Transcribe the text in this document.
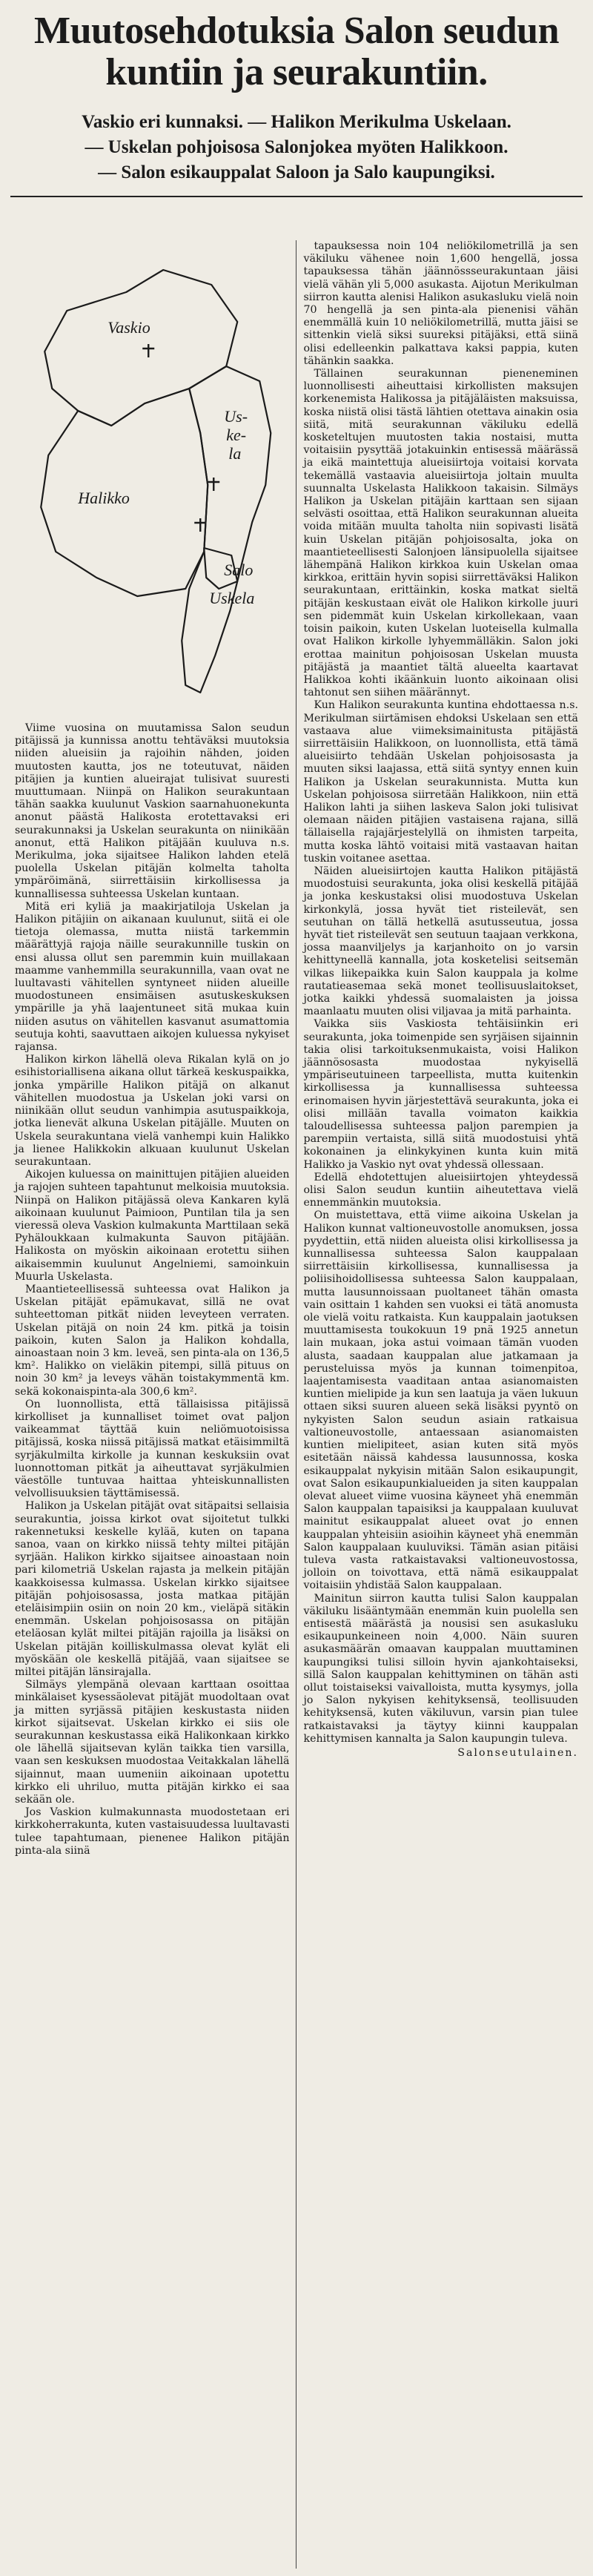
Muutosehdotuksia Salon seudun
kuntiin ja seurakuntiin.
Vaskio eri kunnaksi. — Halikon Merikulma Uskelaan.
— Uskelan pohjoisosa Salonjokea myöten Halikkoon.
— Salon esikauppalat Saloon ja Salo kaupungiksi.
Vaskio
Halikko
Us-
ke-
la
Salo
Uskela

Viime vuosina on muutamissa Salon seudun pitäjissä ja kunnissa anottu tehtäväksi muutoksia niiden alueisiin ja rajoihin nähden, joiden muutosten kautta, jos ne toteutuvat, näiden pitäjien ja kuntien alueirajat tulisivat suuresti muuttumaan. Niinpä on Halikon seurakuntaan tähän saakka kuulunut Vaskion saarnahuonekunta anonut päästä Halikosta erotettavaksi eri seurakunnaksi ja Uskelan seurakunta on niinikään anonut, että Halikon pitäjään kuuluva n.s. Merikulma, joka sijaitsee Halikon lahden etelä puolella Uskelan pitäjän kolmelta taholta ympäröimänä, siirrettäisiin kirkollisessa ja kunnallisessa suhteessa Uskelan kuntaan.

Mitä eri kyliä ja maakirjatiloja Uskelan ja Halikon pitäjiin on aikanaan kuulunut, siitä ei ole tietoja olemassa, mutta niistä tarkemmin määrättyjä rajoja näille seurakunnille tuskin on ensi alussa ollut sen paremmin kuin muillakaan maamme vanhemmilla seurakunnilla, vaan ovat ne luultavasti vähitellen syntyneet niiden alueille muodostuneen ensimäisen asutuskeskuksen ympärille ja yhä laajentuneet sitä mukaa kuin niiden asutus on vähitellen kasvanut asumattomia seutuja kohti, saavuttaen aikojen kuluessa nykyiset rajansa.

Halikon kirkon lähellä oleva Rikalan kylä on jo esihistoriallisena aikana ollut tärkeä keskuspaikka, jonka ympärille Halikon pitäjä on alkanut vähitellen muodostua ja Uskelan joki varsi on niinikään ollut seudun vanhimpia asutuspaikkoja, jotka lienevät alkuna Uskelan pitäjälle. Muuten on Uskela seurakuntana vielä vanhempi kuin Halikko ja lienee Halikkokin alkuaan kuulunut Uskelan seurakuntaan.

Aikojen kuluessa on mainittujen pitäjien alueiden ja rajojen suhteen tapahtunut melkoisia muutoksia. Niinpä on Halikon pitäjässä oleva Kankaren kylä aikoinaan kuulunut Paimioon, Puntilan tila ja sen vieressä oleva Vaskion kulmakunta Marttilaan sekä Pyhäloukkaan kulmakunta Sauvon pitäjään. Halikosta on myöskin aikoinaan erotettu siihen aikaisemmin kuulunut Angelniemi, samoinkuin Muurla Uskelasta.

Maantieteellisessä suhteessa ovat Halikon ja Uskelan pitäjät epämukavat, sillä ne ovat suhteettoman pitkät niiden leveyteen verraten. Uskelan pitäjä on noin 24 km. pitkä ja toisin paikoin, kuten Salon ja Halikon kohdalla, ainoastaan noin 3 km. leveä, sen pinta-ala on 136,5 km². Halikko on vieläkin pitempi, sillä pituus on noin 30 km² ja leveys vähän toistakymmentä km. sekä kokonaispinta-ala 300,6 km².

On luonnollista, että tällaisissa pitäjissä kirkolliset ja kunnalliset toimet ovat paljon vaikeammat täyttää kuin neliömuotoisissa pitäjissä, koska niissä pitäjissä matkat etäisimmiltä syrjäkulmilta kirkolle ja kunnan keskuksiin ovat luonnottoman pitkät ja aiheuttavat syrjäkulmien väestölle tuntuvaa haittaa yhteiskunnallisten velvollisuuksien täyttämisessä.

Halikon ja Uskelan pitäjät ovat sitäpaitsi sellaisia seurakuntia, joissa kirkot ovat sijoitetut tulkki rakennetuksi keskelle kylää, kuten on tapana sanoa, vaan on kirkko niissä tehty miltei pitäjän syrjään. Halikon kirkko sijaitsee ainoastaan noin pari kilometriä Uskelan rajasta ja melkein pitäjän kaakkoisessa kulmassa. Uskelan kirkko sijaitsee pitäjän pohjoisosassa, josta matkaa pitäjän eteläisimpiin osiin on noin 20 km., vieläpä sitäkin enemmän. Uskelan pohjoisosassa on pitäjän eteläosan kylät miltei pitäjän rajoilla ja lisäksi on Uskelan pitäjän koilliskulmassa olevat kylät eli myöskään ole keskellä pitäjää, vaan sijaitsee se miltei pitäjän länsirajalla.

Silmäys ylempänä olevaan karttaan osoittaa minkälaiset kysessäolevat pitäjät muodoltaan ovat ja mitten syrjässä pitäjien keskustasta niiden kirkot sijaitsevat. Uskelan kirkko ei siis ole seurakunnan keskustassa eikä Halikonkaan kirkko ole lähellä sijaitsevan kylän taikka tien varsilla, vaan sen keskuksen muodostaa Veitakkalan lähellä sijainnut, maan uumeniin aikoinaan upotettu kirkko eli uhriluo, mutta pitäjän kirkko ei saa sekään ole.

Jos Vaskion kulmakunnasta muodostetaan eri kirkkoherrakunta, kuten vastaisuudessa luultavasti tulee tapahtumaan, pienenee Halikon pitäjän pinta-ala siinä

tapauksessa noin 104 neliökilometrillä ja sen väkiluku vähenee noin 1,600 hengellä, jossa tapauksessa tähän jäännössseurakuntaan jäisi vielä vähän yli 5,000 asukasta. Aijotun Merikulman siirron kautta alenisi Halikon asukasluku vielä noin 70 hengellä ja sen pinta-ala pienenisi vähän enemmällä kuin 10 neliökilometrillä, mutta jäisi se sittenkin vielä siksi suureksi pitäjäksi, että siinä olisi edelleenkin palkattava kaksi pappia, kuten tähänkin saakka.

Tällainen seurakunnan pieneneminen luonnollisesti aiheuttaisi kirkollisten maksujen korkenemista Halikossa ja pitäjäläisten maksuissa, koska niistä olisi tästä lähtien otettava ainakin osia siitä, mitä seurakunnan väkiluku edellä kosketeltujen muutosten takia nostaisi, mutta voitaisiin pysyttää jotakuinkin entisessä määrässä ja eikä maintettuja alueisiirtoja voitaisi korvata tekemällä vastaavia alueisiirtoja joltain muulta suunnalta Uskelasta Halikkoon takaisin. Silmäys Halikon ja Uskelan pitäjäin karttaan sen sijaan selvästi osoittaa, että Halikon seurakunnan alueita voida mitään muulta taholta niin sopivasti lisätä kuin Uskelan pitäjän pohjoisosalta, joka on maantieteellisesti Salonjoen länsipuolella sijaitsee lähempänä Halikon kirkkoa kuin Uskelan omaa kirkkoa, erittäin hyvin sopisi siirrettäväksi Halikon seurakuntaan, erittäinkin, koska matkat sieltä pitäjän keskustaan eivät ole Halikon kirkolle juuri sen pidemmät kuin Uskelan kirkollekaan, vaan toisin paikoin, kuten Uskelan luoteisella kulmalla ovat Halikon kirkolle lyhyemmälläkin. Salon joki erottaa mainitun pohjoisosan Uskelan muusta pitäjästä ja maantiet tältä alueelta kaartavat Halikkoa kohti ikäänkuin luonto aikoinaan olisi tahtonut sen siihen määrännyt.

Kun Halikon seurakunta kuntina ehdottaessa n.s. Merikulman siirtämisen ehdoksi Uskelaan sen että vastaava alue viimeksimainitusta pitäjästä siirrettäisiin Halikkoon, on luonnollista, että tämä alueisiirto tehdään Uskelan pohjoisosasta ja muuten siksi laajassa, että siitä syntyy ennen kuin Halikon ja Uskelan seurakunnista. Mutta kun Uskelan pohjoisosa siirretään Halikkoon, niin että Halikon lahti ja siihen laskeva Salon joki tulisivat olemaan näiden pitäjien vastaisena rajana, sillä tällaisella rajajärjestelyllä on ihmisten tarpeita, mutta koska lähtö voitaisi mitä vastaavan haitan tuskin voitanee asettaa.

Näiden alueisiirtojen kautta Halikon pitäjästä muodostuisi seurakunta, joka olisi keskellä pitäjää ja jonka keskustaksi olisi muodostuva Uskelan kirkonkylä, jossa hyvät tiet risteilevät, sen seutuhan on tällä hetkellä asutusseutua, jossa hyvät tiet risteilevät sen seutuun taajaan verkkona, jossa maanviljelys ja karjanhoito on jo varsin kehittyneellä kannalla, jota kosketelisi seitsemän vilkas liikepaikka kuin Salon kauppala ja kolme rautatieasemaa sekä monet teollisuuslaitokset, jotka kaikki yhdessä suomalaisten ja joissa maanlaatu muuten olisi viljavaa ja mitä parhainta.

Vaikka siis Vaskiosta tehtäisiinkin eri seurakunta, joka toimenpide sen syrjäisen sijainnin takia olisi tarkoituksenmukaista, voisi Halikon jäännösosasta muodostaa nykyisellä ympäriseutuineen tarpeellista, mutta kuitenkin kirkollisessa ja kunnallisessa suhteessa erinomaisen hyvin järjestettävä seurakunta, joka ei olisi millään tavalla voimaton kaikkia taloudellisessa suhteessa paljon parempien ja parempiin vertaista, sillä siitä muodostuisi yhtä kokonainen ja elinkykyinen kunta kuin mitä Halikko ja Vaskio nyt ovat yhdessä ollessaan.

Edellä ehdotettujen alueisiirtojen yhteydessä olisi Salon seudun kuntiin aiheutettava vielä ennemmänkin muutoksia.

On muistettava, että viime aikoina Uskelan ja Halikon kunnat valtioneuvostolle anomuksen, jossa pyydettiin, että niiden alueista olisi kirkollisessa ja kunnallisessa suhteessa Salon kauppalaan siirrettäisiin kirkollisessa, kunnallisessa ja poliisihoidollisessa suhteessa Salon kauppalaan, mutta lausunnoissaan puoltaneet tähän omasta vain osittain 1 kahden sen vuoksi ei tätä anomusta ole vielä voitu ratkaista. Kun kauppalain jaotuksen muuttamisesta toukokuun 19 pnä 1925 annetun lain mukaan, joka astui voimaan tämän vuoden alusta, saadaan kauppalan alue jatkamaan ja perusteluissa myös ja kunnan toimenpitoa, laajentamisesta vaaditaan antaa asianomaisten kuntien mielipide ja kun sen laatuja ja väen lukuun ottaen siksi suuren alueen sekä lisäksi pyyntö on nykyisten Salon seudun asiain ratkaisua valtioneuvostolle, antaessaan asianomaisten kuntien mielipiteet, asian kuten sitä myös esitetään näissä kahdessa lausunnossa, koska esikauppalat nykyisin mitään Salon esikaupungit, ovat Salon esikaupunkialueiden ja siten kauppalan olevat alueet viime vuosina käyneet yhä enemmän Salon kauppalan tapaisiksi ja kauppalaan kuuluvat mainitut esikauppalat alueet ovat jo ennen kauppalan yhteisiin asioihin käyneet yhä enemmän Salon kauppalaan kuuluviksi. Tämän asian pitäisi tuleva vasta ratkaistavaksi valtioneuvostossa, jolloin on toivottava, että nämä esikauppalat voitaisiin yhdistää Salon kauppalaan.

Mainitun siirron kautta tulisi Salon kauppalan väkiluku lisääntymään enemmän kuin puolella sen entisestä määrästä ja nousisi sen asukasluku esikaupunkeineen noin 4,000. Näin suuren asukasmäärän omaavan kauppalan muuttaminen kaupungiksi tulisi silloin hyvin ajankohtaiseksi, sillä Salon kauppalan kehittyminen on tähän asti ollut toistaiseksi vaivalloista, mutta kysymys, jolla jo Salon nykyisen kehityksensä, teollisuuden kehityksensä, kuten väkiluvun, varsin pian tulee ratkaistavaksi ja täytyy kiinni kauppalan kehittymisen kannalta ja Salon kaupungin tuleva.

Salonseutulainen.
